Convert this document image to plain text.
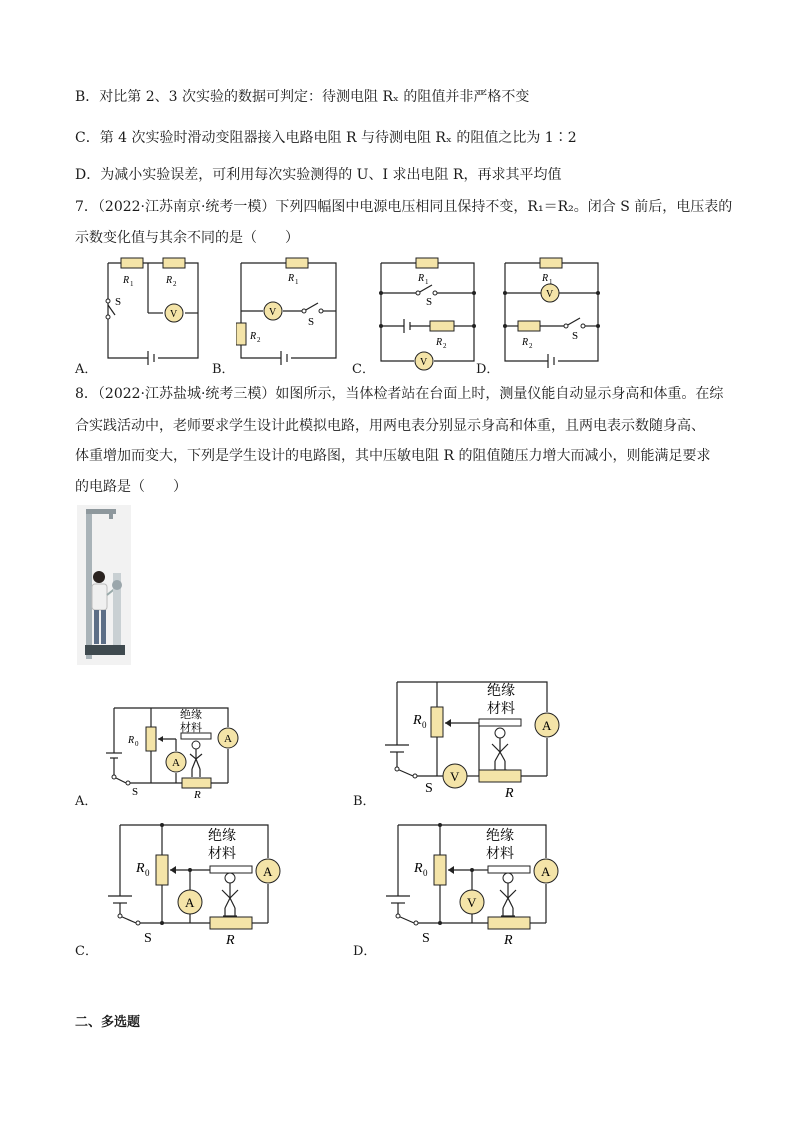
B．对比第 2、3 次实验的数据可判定：待测电阻 Rₓ 的阻值并非严格不变
C．第 4 次实验时滑动变阻器接入电路电阻 R 与待测电阻 Rₓ 的阻值之比为 1∶2
D．为减小实验误差，可利用每次实验测得的 U、I 求出电阻 R，再求其平均值
7．（2022·江苏南京·统考一模）下列四幅图中电源电压相同且保持不变，R₁＝R₂。闭合 S 前后，电压表的
示数变化值与其余不同的是（　　）
R 1	R 2
V
S
A．
R 1
R 2
V
S
B．
R 1
R 2
V
S
C．
R 1
V
R 2
S
D．
8．（2022·江苏盐城·统考三模）如图所示，当体检者站在台面上时，测量仪能自动显示身高和体重。在综
合实践活动中，老师要求学生设计此模拟电路，用两电表分别显示身高和体重，且两电表示数随身高、
体重增加而变大，下列是学生设计的电路图，其中压敏电阻 R 的阻值随压力增大而减小，则能满足要求
的电路是（　　）
R 0
绝缘
材料
A
A
S	R
A．
R 0
绝缘
材料
V
A
S	R
B．
R 0
绝缘
材料
A
A
S	R
C．
R 0
绝缘
材料
V
A
S	R
D．
二、多选题
